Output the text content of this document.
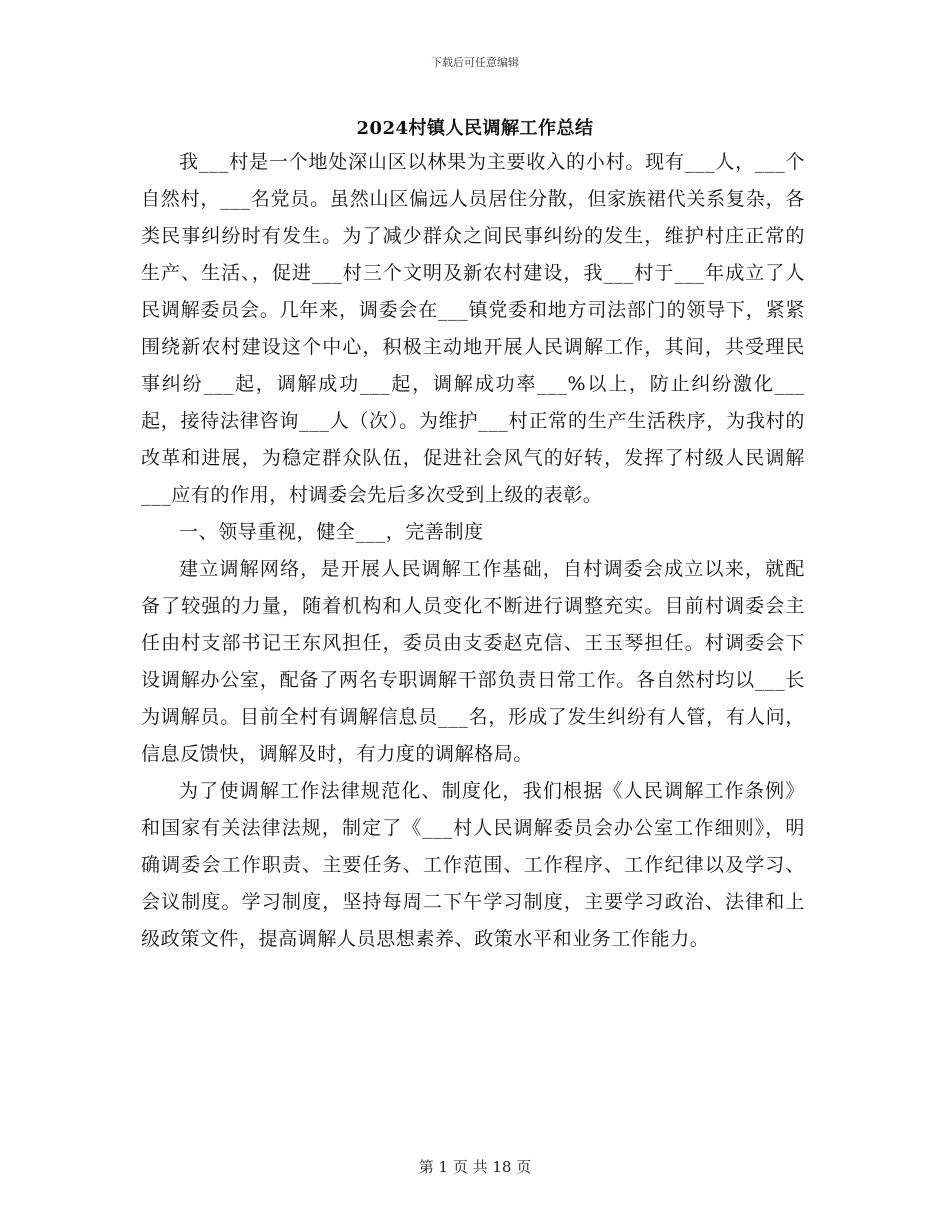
下载后可任意编辑
2024村镇人民调解工作总结

我___村是一个地处深山区以林果为主要收入的小村。现有___人，___个自然村，___名党员。虽然山区偏远人员居住分散，但家族裙代关系复杂，各类民事纠纷时有发生。为了减少群众之间民事纠纷的发生，维护村庄正常的生产、生活、，促进___村三个文明及新农村建设，我___村于___年成立了人民调解委员会。几年来，调委会在___镇党委和地方司法部门的领导下，紧紧围绕新农村建设这个中心，积极主动地开展人民调解工作，其间，共受理民事纠纷___起，调解成功___起，调解成功率___%以上，防止纠纷激化___起，接待法律咨询___人（次）。为维护___村正常的生产生活秩序，为我村的改革和进展，为稳定群众队伍，促进社会风气的好转，发挥了村级人民调解___应有的作用，村调委会先后多次受到上级的表彰。

一、领导重视，健全___，完善制度

建立调解网络，是开展人民调解工作基础，自村调委会成立以来，就配备了较强的力量，随着机构和人员变化不断进行调整充实。目前村调委会主任由村支部书记王东风担任，委员由支委赵克信、王玉琴担任。村调委会下设调解办公室，配备了两名专职调解干部负责日常工作。各自然村均以___长为调解员。目前全村有调解信息员___名，形成了发生纠纷有人管，有人问，信息反馈快，调解及时，有力度的调解格局。

为了使调解工作法律规范化、制度化，我们根据《人民调解工作条例》和国家有关法律法规，制定了《___村人民调解委员会办公室工作细则》，明确调委会工作职责、主要任务、工作范围、工作程序、工作纪律以及学习、会议制度。学习制度，坚持每周二下午学习制度，主要学习政治、法律和上级政策文件，提高调解人员思想素养、政策水平和业务工作能力。

第 1 页 共 18 页
